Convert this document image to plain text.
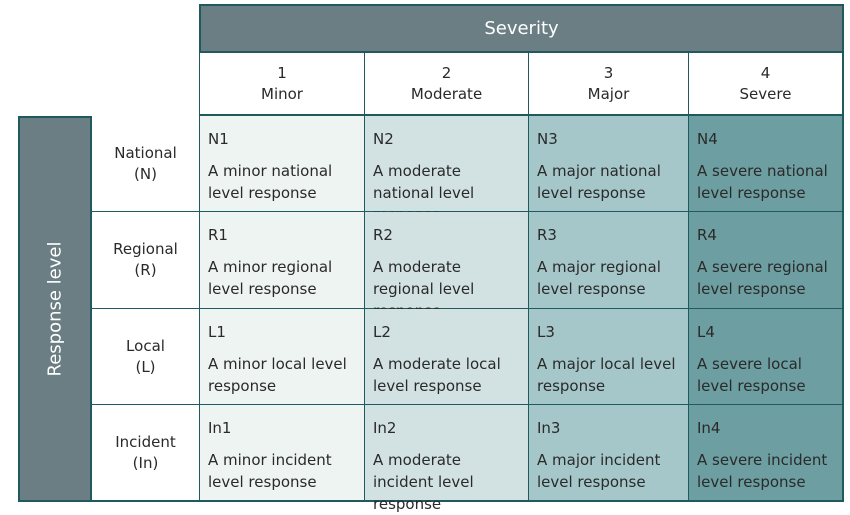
Severity
1
Minor
2
Moderate
3
Major
4
Severe
Response level
National
(N)
Regional
(R)
Local
(L)
Incident
(In)
N1
A minor national level response
N2
A moderate national level
N3
A major national level response
N4
A severe national level response
R1
A minor regional level response
R2
A moderate regional level
R3
A major regional level response
R4
A severe regional level response
L1
A minor local level response
L2
A moderate local level response
L3
A major local level response
L4
A severe local level response
In1
A minor incident level response
In2
A moderate incident level response
In3
A major incident level response
In4
A severe incident level response
